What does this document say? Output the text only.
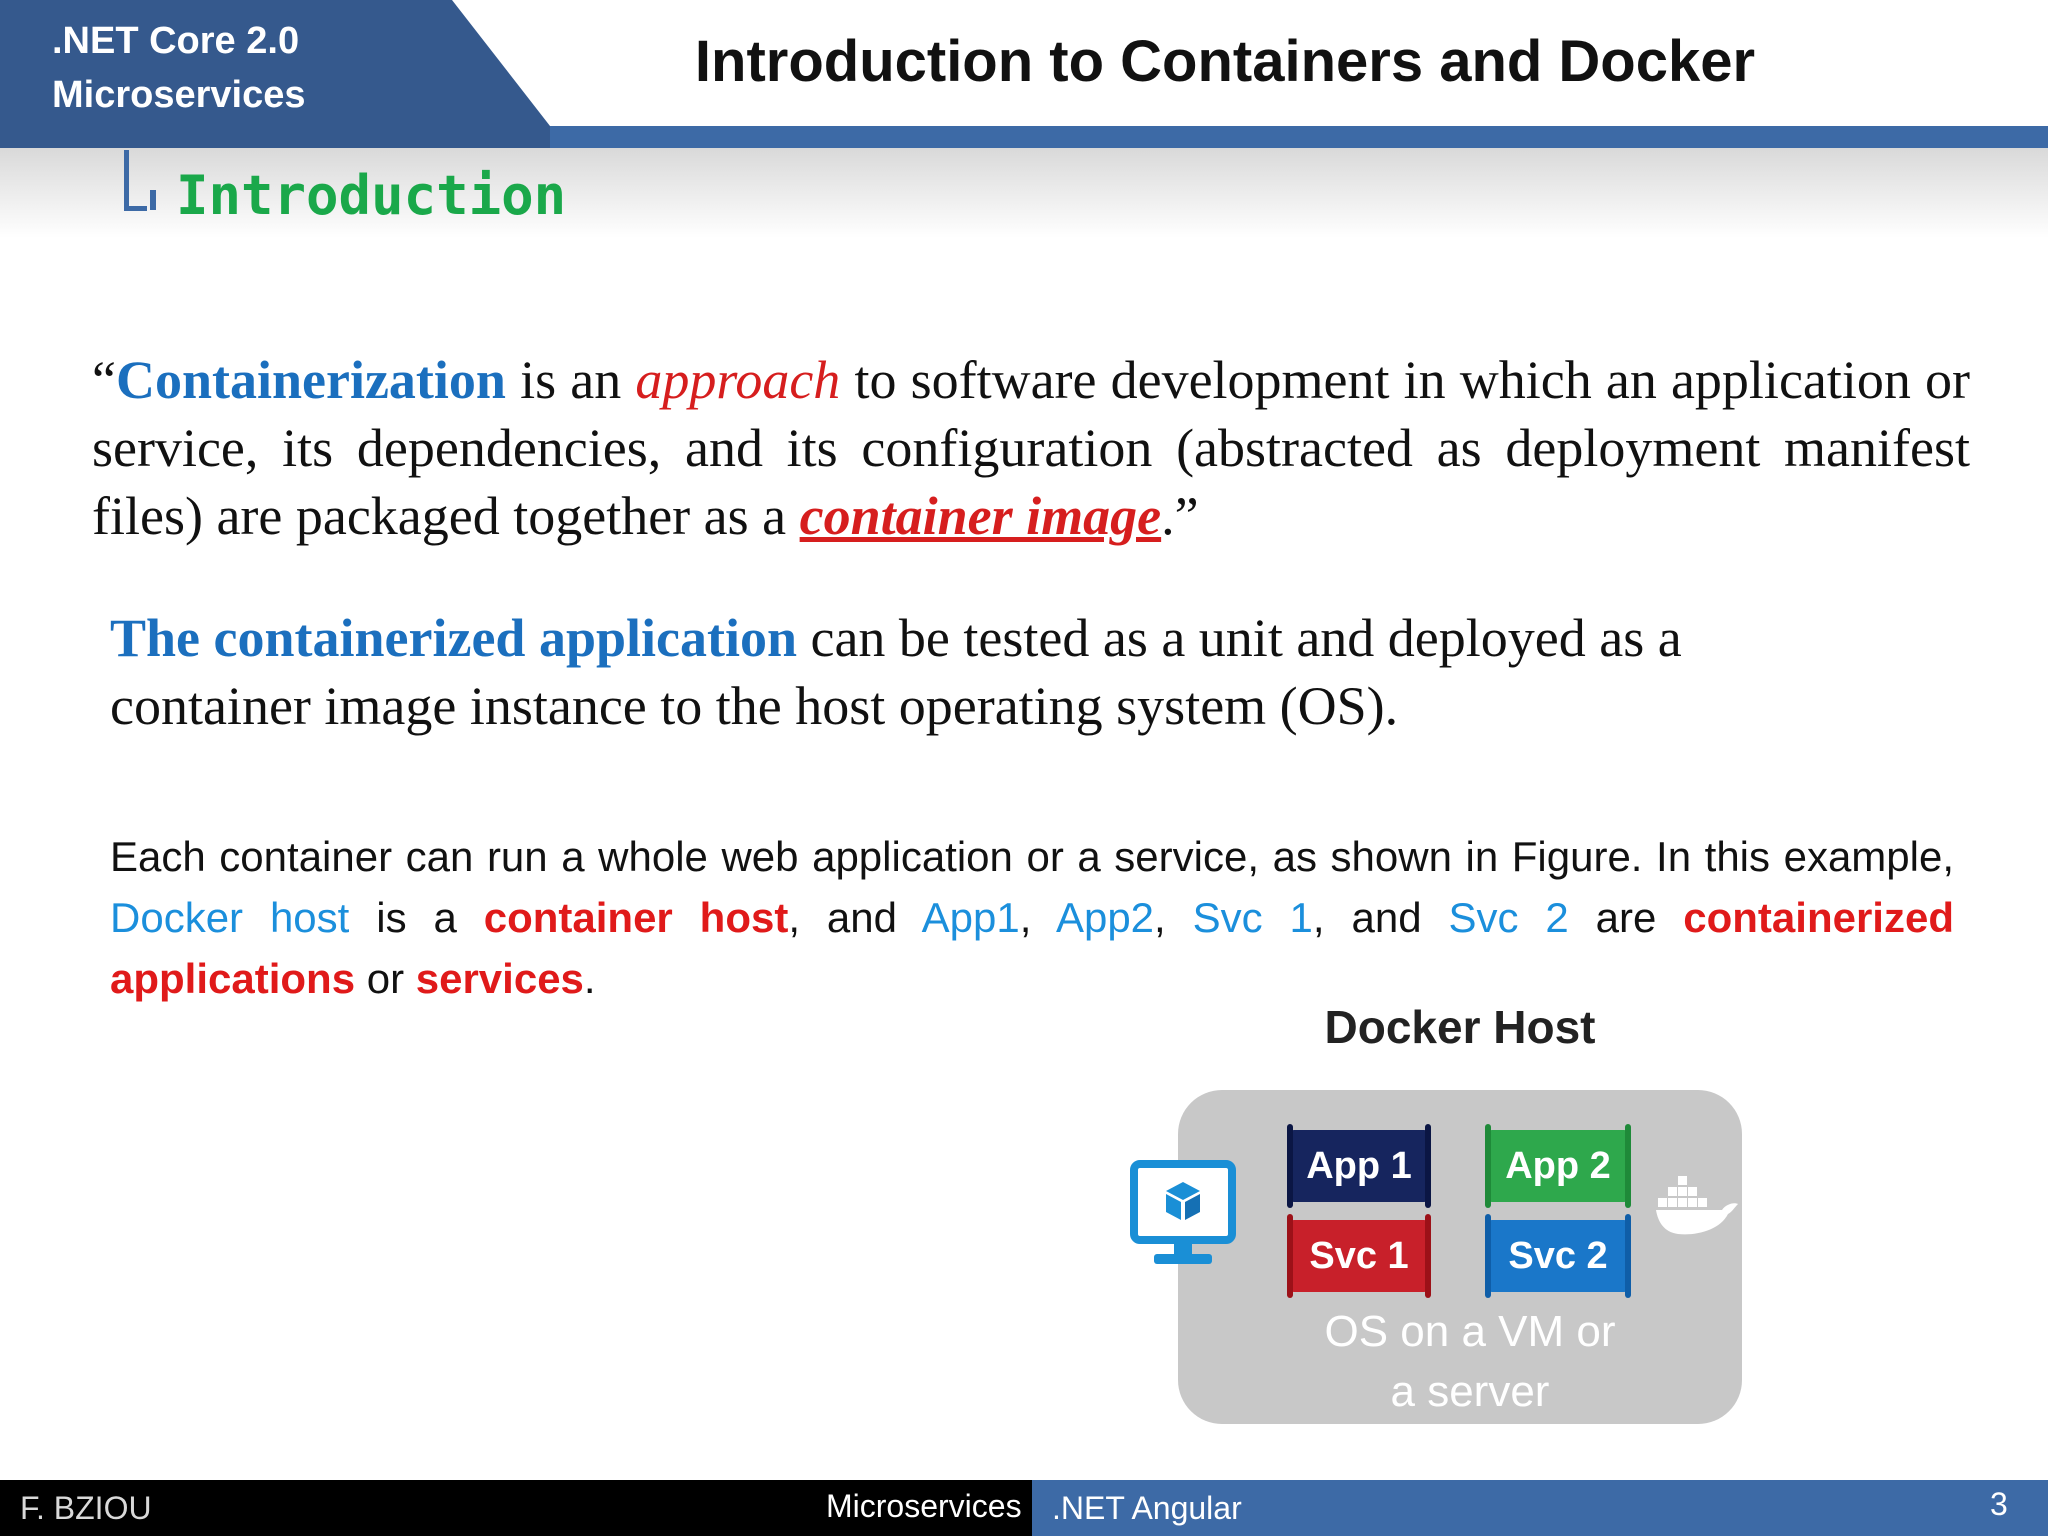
.NET Core 2.0
Microservices
Introduction to Containers and Docker
Introduction
“Containerization is an approach to software development in which an application or service, its dependencies, and its configuration (abstracted as deployment manifest files) are packaged together as a container image.”
The containerized application can be tested as a unit and deployed as a container image instance to the host operating system (OS).
Each container can run a whole web application or a service, as shown in Figure. In this example, Docker host is a container host, and App1, App2, Svc 1, and Svc 2 are containerized applications or services.
Docker Host
App 1	App 2
Svc 1	Svc 2
OS on a VM or
a server
F. BZIOU	Microservices .NET Angular	3
